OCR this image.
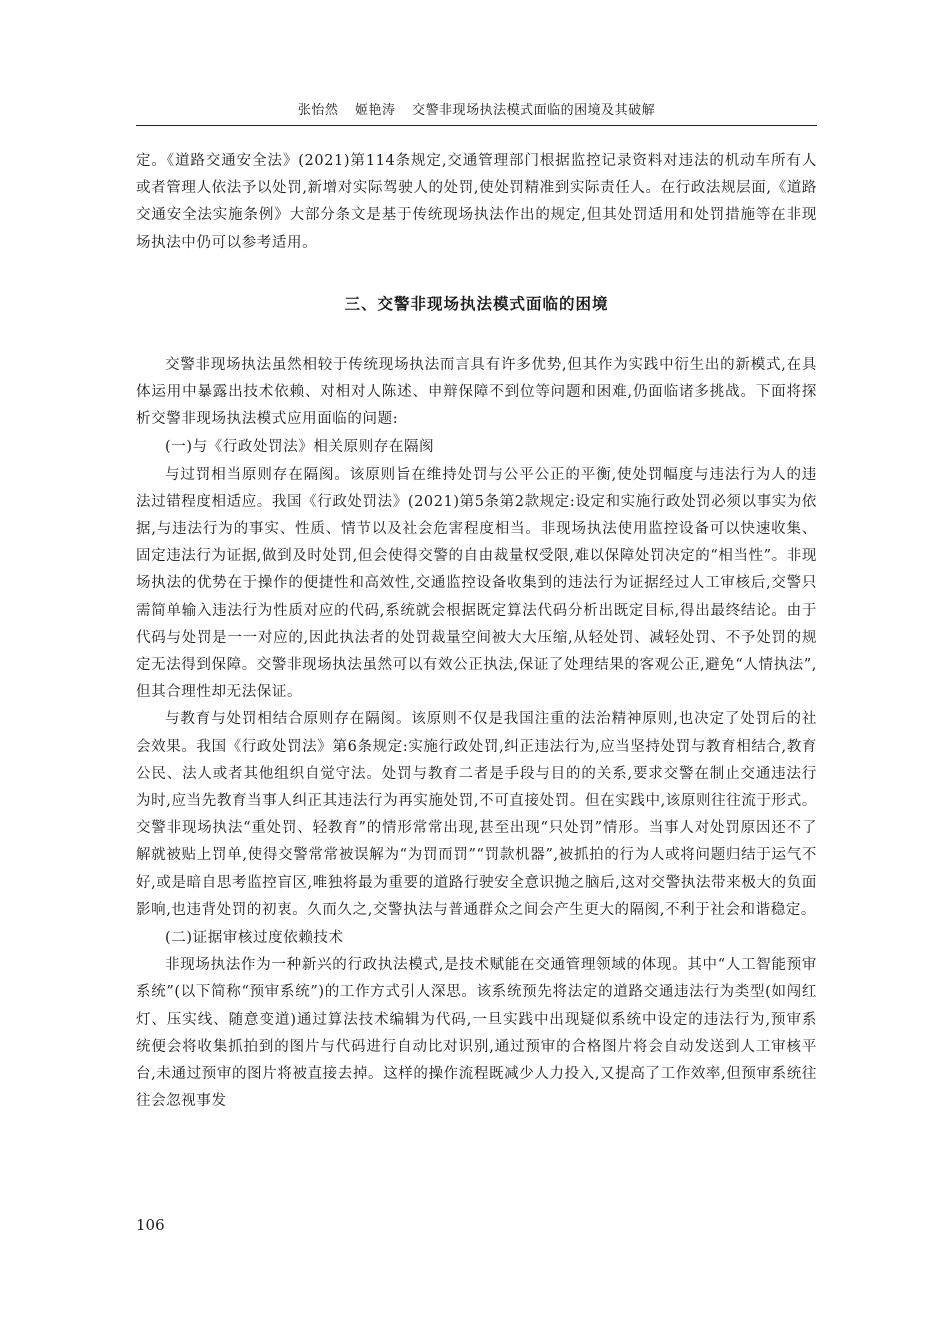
张怡然 姬艳涛 交警非现场执法模式面临的困境及其破解

定。《道路交通安全法》(2021)第114条规定,交通管理部门根据监控记录资料对违法的机动车所有人或者管理人依法予以处罚,新增对实际驾驶人的处罚,使处罚精准到实际责任人。在行政法规层面,《道路交通安全法实施条例》大部分条文是基于传统现场执法作出的规定,但其处罚适用和处罚措施等在非现场执法中仍可以参考适用。

三、交警非现场执法模式面临的困境

交警非现场执法虽然相较于传统现场执法而言具有许多优势,但其作为实践中衍生出的新模式,在具体运用中暴露出技术依赖、对相对人陈述、申辩保障不到位等问题和困难,仍面临诸多挑战。下面将探析交警非现场执法模式应用面临的问题:

(一)与《行政处罚法》相关原则存在隔阂

与过罚相当原则存在隔阂。该原则旨在维持处罚与公平公正的平衡,使处罚幅度与违法行为人的违法过错程度相适应。我国《行政处罚法》(2021)第5条第2款规定:设定和实施行政处罚必须以事实为依据,与违法行为的事实、性质、情节以及社会危害程度相当。非现场执法使用监控设备可以快速收集、固定违法行为证据,做到及时处罚,但会使得交警的自由裁量权受限,难以保障处罚决定的“相当性”。非现场执法的优势在于操作的便捷性和高效性,交通监控设备收集到的违法行为证据经过人工审核后,交警只需简单输入违法行为性质对应的代码,系统就会根据既定算法代码分析出既定目标,得出最终结论。由于代码与处罚是一一对应的,因此执法者的处罚裁量空间被大大压缩,从轻处罚、减轻处罚、不予处罚的规定无法得到保障。交警非现场执法虽然可以有效公正执法,保证了处理结果的客观公正,避免“人情执法”,但其合理性却无法保证。

与教育与处罚相结合原则存在隔阂。该原则不仅是我国注重的法治精神原则,也决定了处罚后的社会效果。我国《行政处罚法》第6条规定:实施行政处罚,纠正违法行为,应当坚持处罚与教育相结合,教育公民、法人或者其他组织自觉守法。处罚与教育二者是手段与目的的关系,要求交警在制止交通违法行为时,应当先教育当事人纠正其违法行为再实施处罚,不可直接处罚。但在实践中,该原则往往流于形式。交警非现场执法“重处罚、轻教育”的情形常常出现,甚至出现“只处罚”情形。当事人对处罚原因还不了解就被贴上罚单,使得交警常常被误解为“为罚而罚”“罚款机器”,被抓拍的行为人或将问题归结于运气不好,或是暗自思考监控盲区,唯独将最为重要的道路行驶安全意识抛之脑后,这对交警执法带来极大的负面影响,也违背处罚的初衷。久而久之,交警执法与普通群众之间会产生更大的隔阂,不利于社会和谐稳定。

(二)证据审核过度依赖技术

非现场执法作为一种新兴的行政执法模式,是技术赋能在交通管理领域的体现。其中“人工智能预审系统”(以下简称“预审系统”)的工作方式引人深思。该系统预先将法定的道路交通违法行为类型(如闯红灯、压实线、随意变道)通过算法技术编辑为代码,一旦实践中出现疑似系统中设定的违法行为,预审系统便会将收集抓拍到的图片与代码进行自动比对识别,通过预审的合格图片将会自动发送到人工审核平台,未通过预审的图片将被直接去掉。这样的操作流程既减少人力投入,又提高了工作效率,但预审系统往往会忽视事发

106
